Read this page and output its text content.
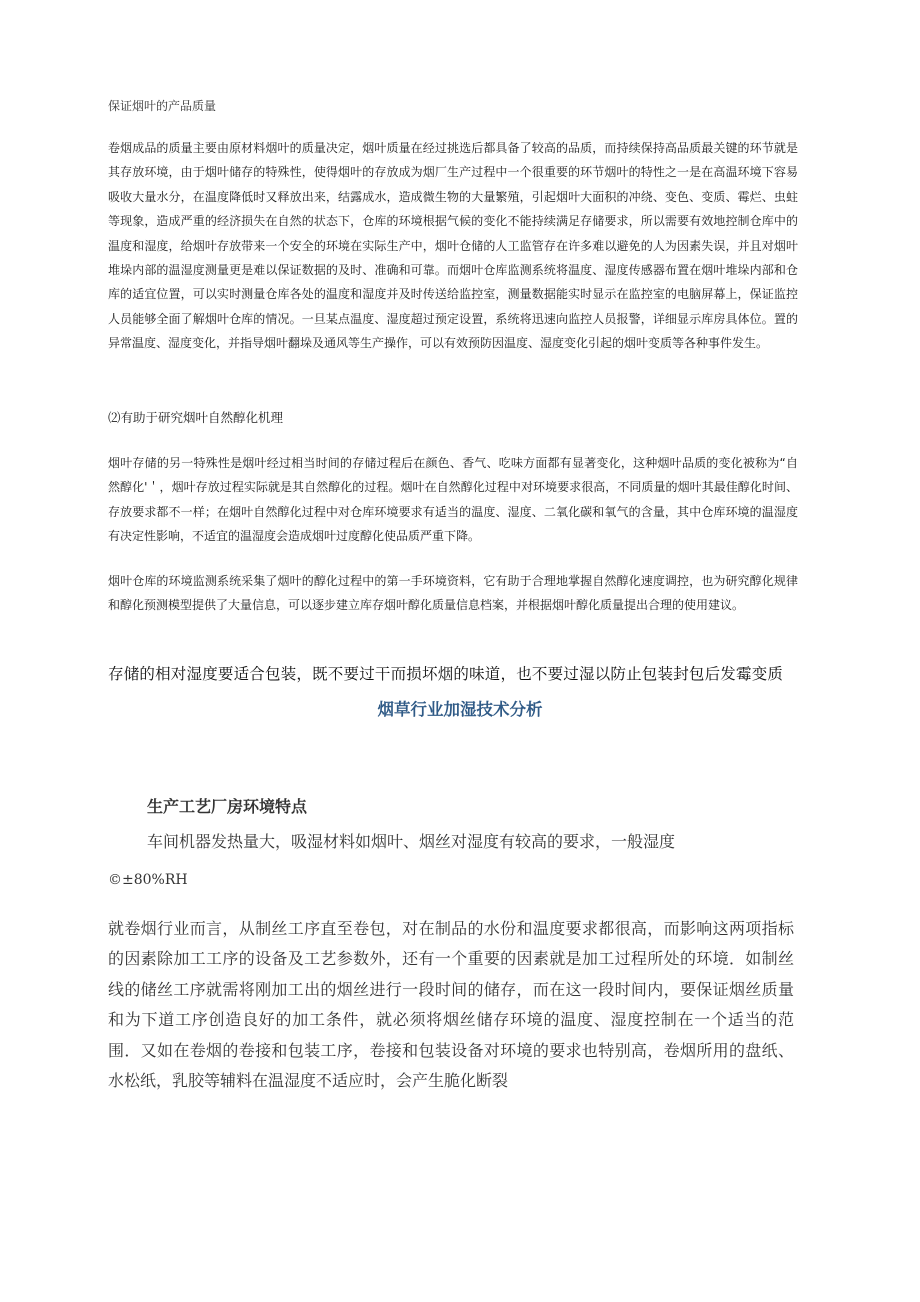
保证烟叶的产品质量

卷烟成品的质量主要由原材料烟叶的质量决定，烟叶质量在经过挑选后都具备了较高的品质，而持续保持高品质最关键的环节就是其存放环境，由于烟叶储存的特殊性，使得烟叶的存放成为烟厂生产过程中一个很重要的环节烟叶的特性之一是在高温环境下容易吸收大量水分，在温度降低时又释放出来，结露成水，造成微生物的大量繁殖，引起烟叶大面积的冲绕、变色、变质、霉烂、虫蛀等现象，造成严重的经济损失在自然的状态下，仓库的环境根据气候的变化不能持续满足存储要求，所以需要有效地控制仓库中的温度和湿度，给烟叶存放带来一个安全的环境在实际生产中，烟叶仓储的人工监管存在许多难以避免的人为因素失误，并且对烟叶堆垛内部的温湿度测量更是难以保证数据的及时、准确和可靠。而烟叶仓库监测系统将温度、湿度传感器布置在烟叶堆垛内部和仓库的适宜位置，可以实时测量仓库各处的温度和湿度并及时传送给监控室，测量数据能实时显示在监控室的电脑屏幕上，保证监控人员能够全面了解烟叶仓库的情况。一旦某点温度、湿度超过预定设置，系统将迅速向监控人员报警，详细显示库房具体位。置的异常温度、湿度变化，并指导烟叶翻垛及通风等生产操作，可以有效预防因温度、湿度变化引起的烟叶变质等各种事件发生。

⑵有助于研究烟叶自然醇化机理

烟叶存储的另一特殊性是烟叶经过相当时间的存储过程后在颜色、香气、吃味方面都有显著变化，这种烟叶品质的变化被称为“自然醇化'＇，烟叶存放过程实际就是其自然醇化的过程。烟叶在自然醇化过程中对环境要求很高，不同质量的烟叶其最佳醇化时间、存放要求都不一样；在烟叶自然醇化过程中对仓库环境要求有适当的温度、湿度、二氧化碳和氧气的含量，其中仓库环境的温湿度有决定性影响，不适宜的温湿度会造成烟叶过度醇化使品质严重下降。

烟叶仓库的环境监测系统采集了烟叶的醇化过程中的第一手环境资料，它有助于合理地掌握自然醇化速度调控，也为研究醇化规律和醇化预测模型提供了大量信息，可以逐步建立库存烟叶醇化质量信息档案，并根据烟叶醇化质量提出合理的使用建议。

存储的相对湿度要适合包装，既不要过干而损坏烟的味道，也不要过湿以防止包装封包后发霉变质

烟草行业加湿技术分析

生产工艺厂房环境特点

车间机器发热量大，吸湿材料如烟叶、烟丝对湿度有较高的要求，一般湿度

©±80%RH

就卷烟行业而言，从制丝工序直至卷包，对在制品的水份和温度要求都很高，而影响这两项指标的因素除加工工序的设备及工艺参数外，还有一个重要的因素就是加工过程所处的环境．如制丝线的储丝工序就需将刚加工出的烟丝进行一段时间的储存，而在这一段时间内，要保证烟丝质量和为下道工序创造良好的加工条件，就必须将烟丝储存环境的温度、湿度控制在一个适当的范围．又如在卷烟的卷接和包装工序，卷接和包装设备对环境的要求也特别高，卷烟所用的盘纸、水松纸，乳胶等辅料在温湿度不适应时，会产生脆化断裂
